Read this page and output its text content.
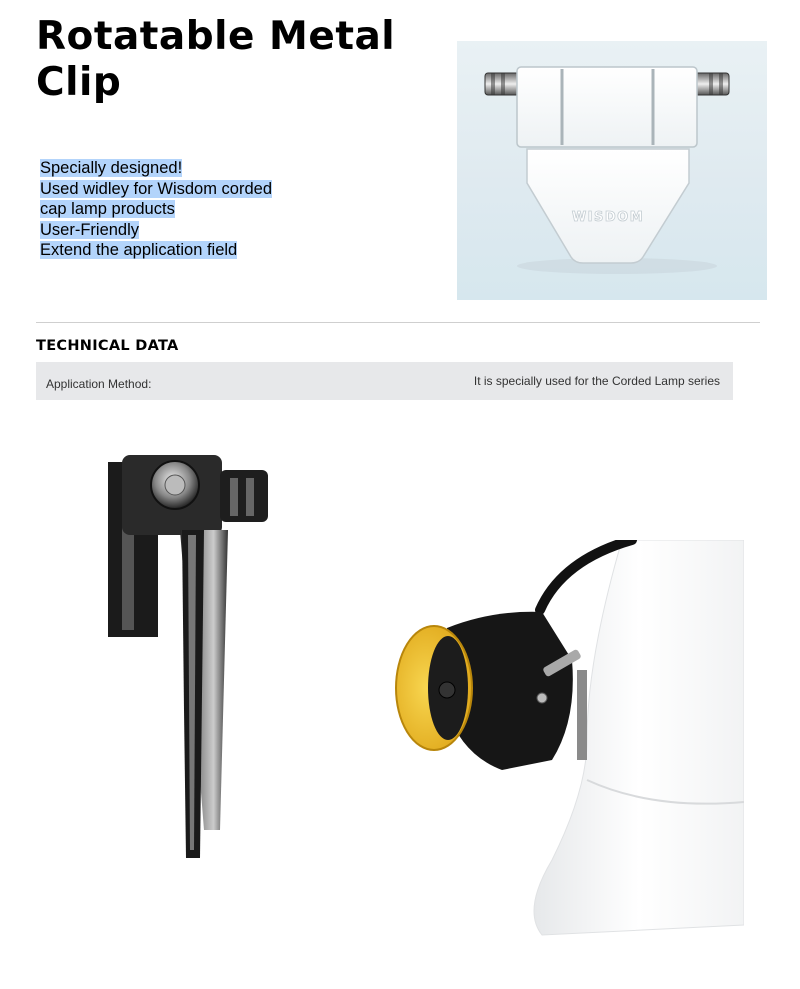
Rotatable Metal Clip
Specially designed!
Used widley for Wisdom corded cap lamp products
User-Friendly
Extend the application field
WISDOM
TECHNICAL DATA
Application Method:	It is specially used for the Corded Lamp series
